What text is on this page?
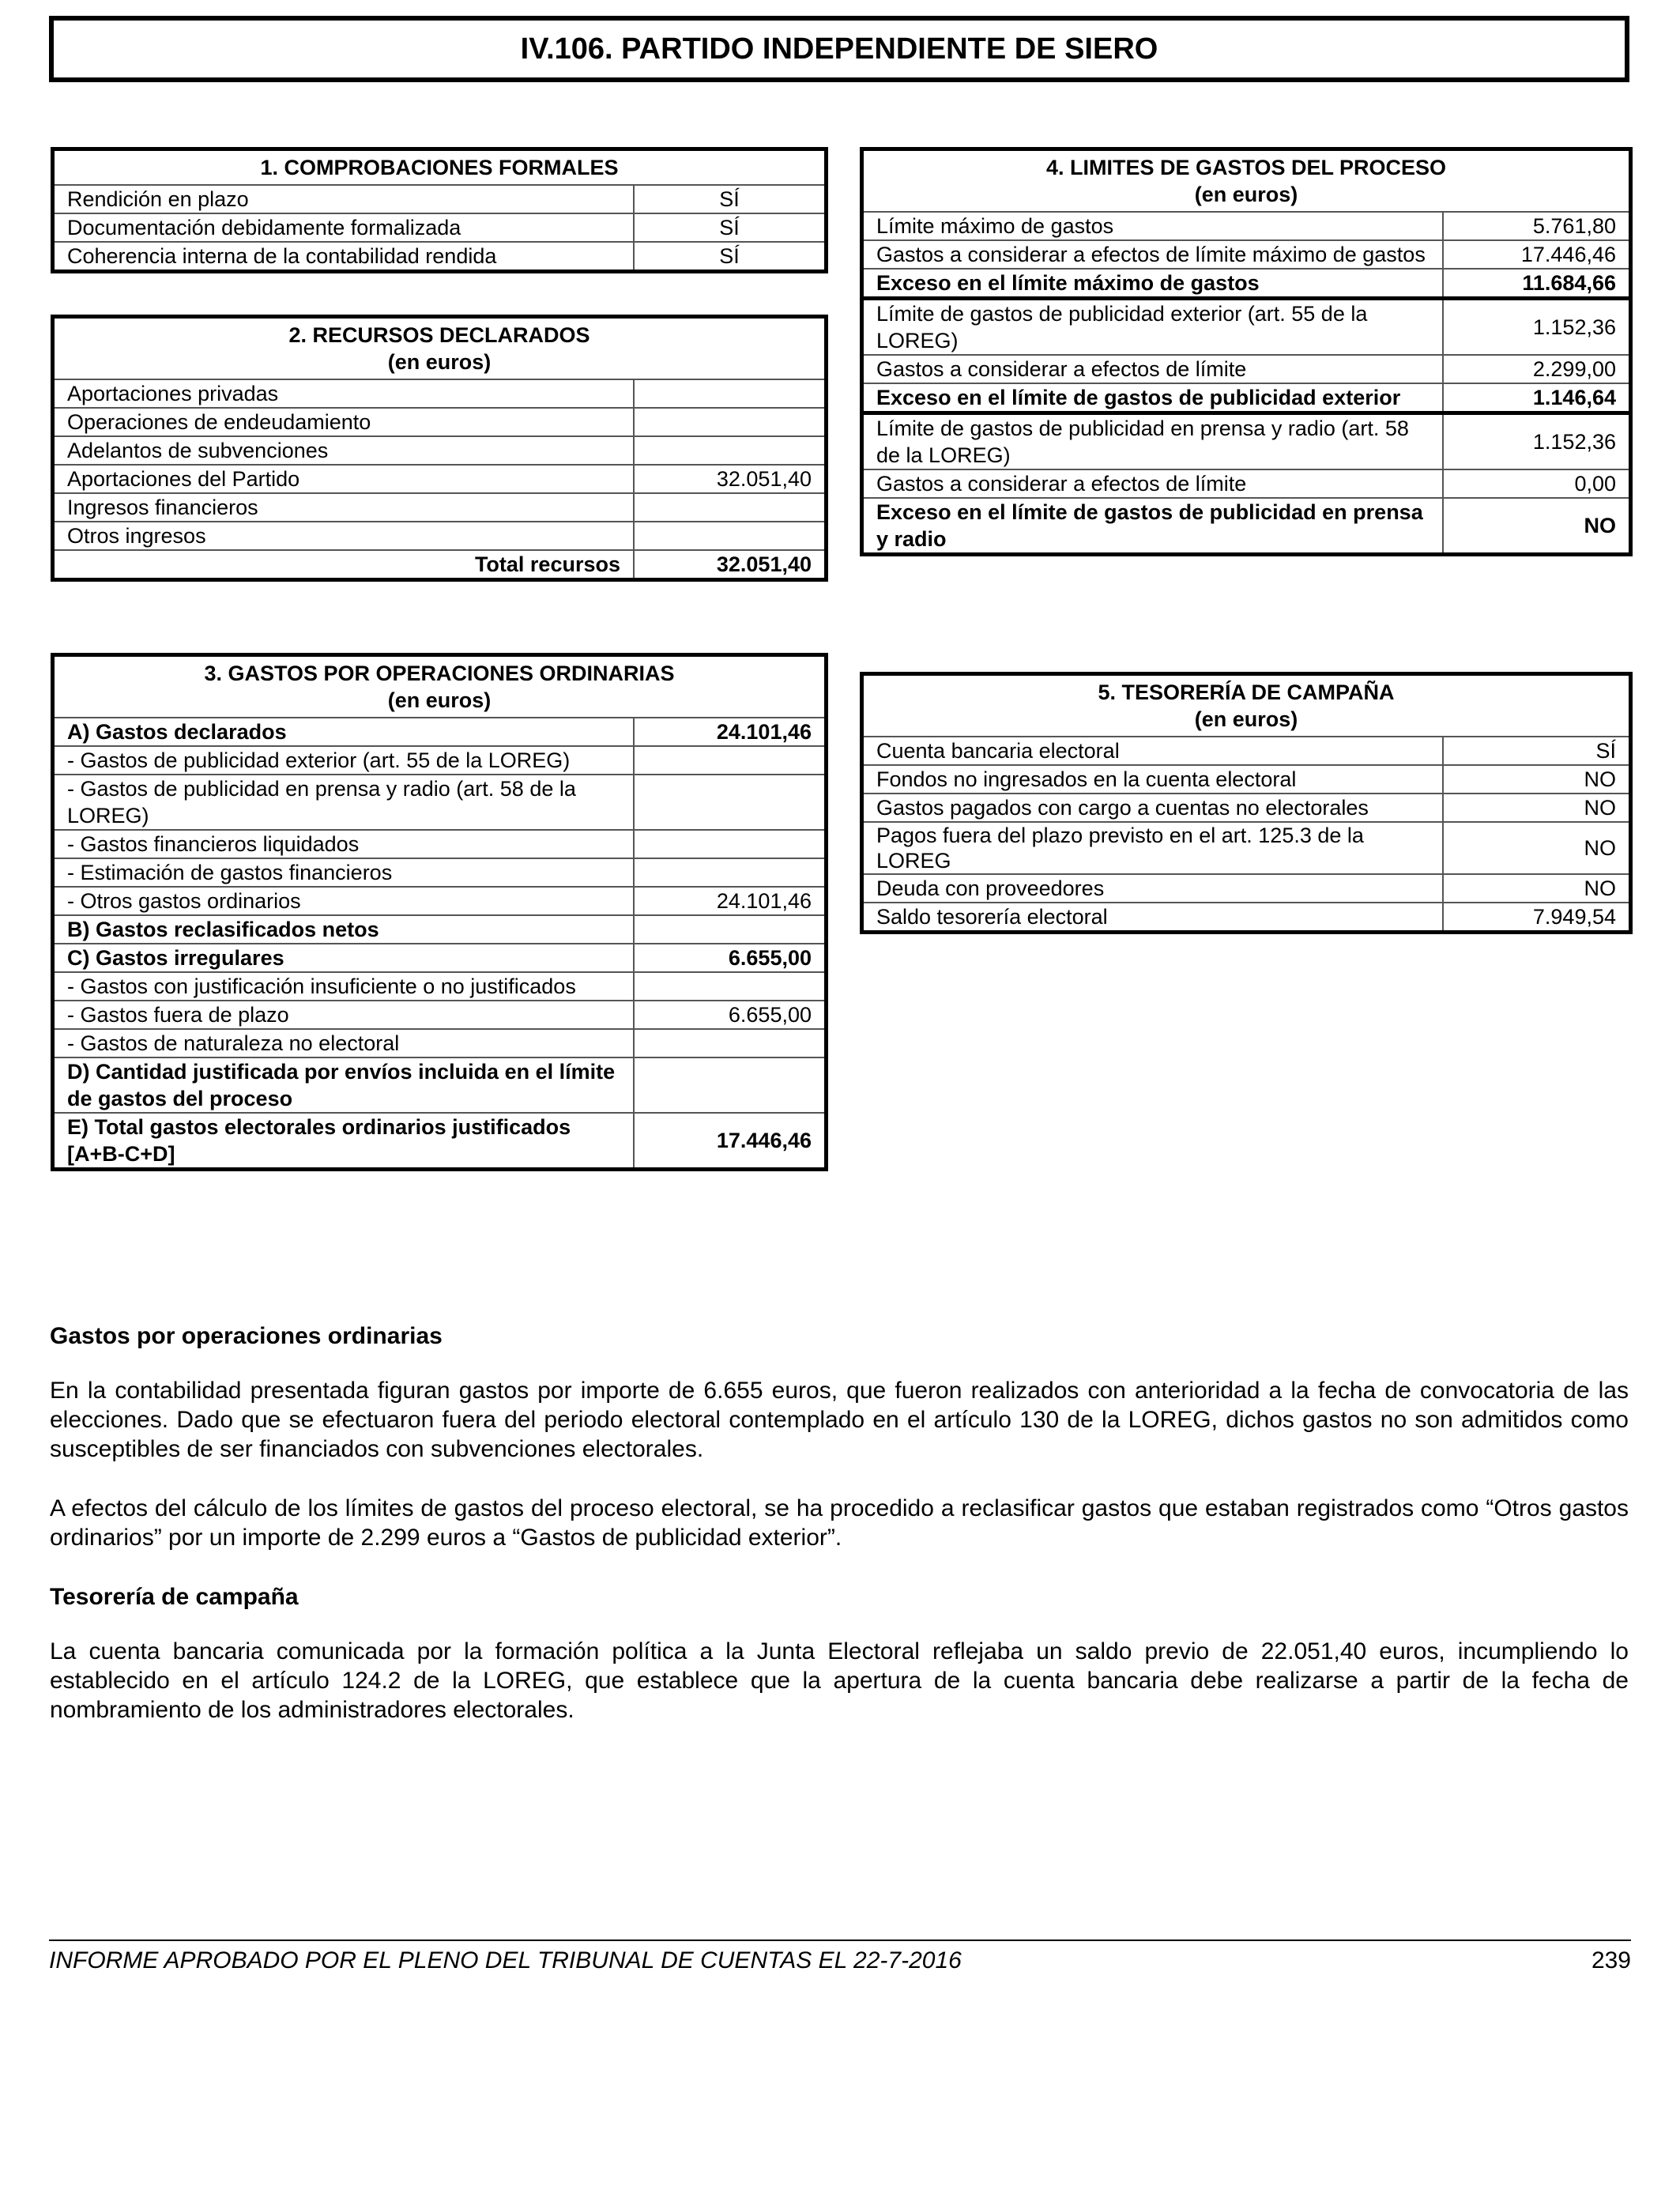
IV.106. PARTIDO INDEPENDIENTE DE SIERO
1. COMPROBACIONES FORMALES	
Rendición en plazo	SÍ
Documentación debidamente formalizada	SÍ
Coherencia interna de la contabilidad rendida	SÍ
2. RECURSOS DECLARADOS
(en euros)	
Aportaciones privadas	
Operaciones de endeudamiento	
Adelantos de subvenciones	
Aportaciones del Partido	32.051,40
Ingresos financieros	
Otros ingresos	
Total recursos	32.051,40
3. GASTOS POR OPERACIONES ORDINARIAS
(en euros)	
A) Gastos declarados	24.101,46
- Gastos de publicidad exterior (art. 55 de la LOREG)	
- Gastos de publicidad en prensa y radio (art. 58 de la LOREG)	
- Gastos financieros liquidados	
- Estimación de gastos financieros	
- Otros gastos ordinarios	24.101,46
B) Gastos reclasificados netos	
C) Gastos irregulares	6.655,00
- Gastos con justificación insuficiente o no justificados	
- Gastos fuera de plazo	6.655,00
- Gastos de naturaleza no electoral	
D) Cantidad justificada por envíos incluida en el límite de gastos del proceso	
E) Total gastos electorales ordinarios justificados [A+B-C+D]	17.446,46
4. LIMITES DE GASTOS DEL PROCESO
(en euros)	
Límite máximo de gastos	5.761,80
Gastos a considerar a efectos de límite máximo de gastos	17.446,46
Exceso en el límite máximo de gastos	11.684,66
Límite de gastos de publicidad exterior (art. 55 de la LOREG)	1.152,36
Gastos a considerar a efectos de límite	2.299,00
Exceso en el límite de gastos de publicidad exterior	1.146,64
Límite de gastos de publicidad en prensa y radio (art. 58 de la LOREG)	1.152,36
Gastos a considerar a efectos de límite	0,00
Exceso en el límite de gastos de publicidad en prensa y radio	NO
5. TESORERÍA DE CAMPAÑA
(en euros)	
Cuenta bancaria electoral	SÍ
Fondos no ingresados en la cuenta electoral	NO
Gastos pagados con cargo a cuentas no electorales	NO
Pagos fuera del plazo previsto en el art. 125.3 de la LOREG	NO
Deuda con proveedores	NO
Saldo tesorería electoral	7.949,54
Gastos por operaciones ordinarias

En la contabilidad presentada figuran gastos por importe de 6.655 euros, que fueron realizados con anterioridad a la fecha de convocatoria de las elecciones. Dado que se efectuaron fuera del periodo electoral contemplado en el artículo 130 de la LOREG, dichos gastos no son admitidos como susceptibles de ser financiados con subvenciones electorales.

A efectos del cálculo de los límites de gastos del proceso electoral, se ha procedido a reclasificar gastos que estaban registrados como “Otros gastos ordinarios” por un importe de 2.299 euros a “Gastos de publicidad exterior”.

Tesorería de campaña

La cuenta bancaria comunicada por la formación política a la Junta Electoral reflejaba un saldo previo de 22.051,40 euros, incumpliendo lo establecido en el artículo 124.2 de la LOREG, que establece que la apertura de la cuenta bancaria debe realizarse a partir de la fecha de nombramiento de los administradores electorales.

INFORME APROBADO POR EL PLENO DEL TRIBUNAL DE CUENTAS EL 22-7-2016	239
